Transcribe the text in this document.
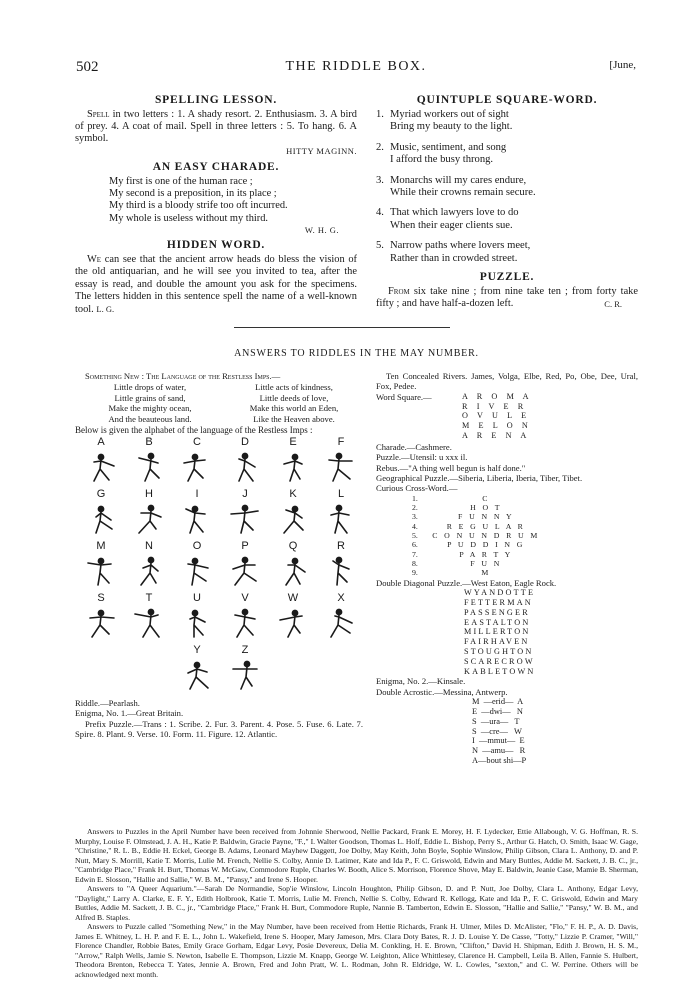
502	THE RIDDLE BOX.	[June,
SPELLING LESSON.
Spell in two letters : 1. A shady resort. 2. Enthusiasm. 3. A bird of prey. 4. A coat of mail. Spell in three letters : 5. To hang. 6. A symbol.
HITTY MAGINN.
AN EASY CHARADE.
My first is one of the human race ;
My second is a preposition, in its place ;
My third is a bloody strife too oft incurred.
My whole is useless without my third.
W. H. G.
HIDDEN WORD.
We can see that the ancient arrow heads do bless the vision of the old antiquarian, and he will see you invited to tea, after the essay is read, and double the amount you ask for the specimens. The letters hidden in this sentence spell the name of a well-known tool. L. G.
QUINTUPLE SQUARE-WORD.
1. Myriad workers out of sight
Bring my beauty to the light.
2. Music, sentiment, and song
I afford the busy throng.
3. Monarchs will my cares endure,
While their crowns remain secure.
4. That which lawyers love to do
When their eager clients sue.
5. Narrow paths where lovers meet,
Rather than in crowded street.
PUZZLE.
From six take nine ; from nine take ten ; from forty take fifty ; and have half-a-dozen left.	C. R.
ANSWERS TO RIDDLES IN THE MAY NUMBER.
Something New : The Language of the Restless Imps.—
Little drops of water,
Little grains of sand,
Make the mighty ocean,
And the beauteous land.
Little acts of kindness,
Little deeds of love,
Make this world an Eden,
Like the Heaven above.
Below is given the alphabet of the language of the Restless Imps :
A	B	C	D	E	F
G	H	I	J	K	L
M	N	O	P	Q	R
S	T	U	V	W	X
Y	Z
Riddle.—Pearlash.
Enigma, No. 1.—Great Britain.
Prefix Puzzle.—Trans : 1. Scribe. 2. Fur. 3. Parent. 4. Pose. 5. Fuse. 6. Late. 7. Spire. 8. Plant. 9. Verse. 10. Form. 11. Figure. 12. Atlantic.
Ten Concealed Rivers. James, Volga, Elbe, Red, Po, Obe, Dee, Ural, Fox, Pedee.
Word Square.—	A R O M A
R I V E R
O V U L E
M E L O N
A R E N A
Charade.—Cashmere.
Puzzle.—Utensil: u xxx il.
Rebus.—"A thing well begun is half done."
Geographical Puzzle.—Siberia, Liberia, Iberia, Tiber, Tibet.
Curious Cross-Word.—
1.	C
2.	H O T
3.	F U N N Y
4.	R E G U L A R
5.	C O N U N D R U M
6.	P U D D I N G
7.	P A R T Y
8.	F U N
9.	M
Double Diagonal Puzzle.—West Eaton, Eagle Rock.
WYANDOTTE
FETTERMAN
PASSENGER
EASTALTON
MILLERTON
FAIRHAVEN
STOUGHTON
SCARECROW
KABLETOWN
Enigma, No. 2.—Kinsale.
Double Acrostic.—Messina, Antwerp.
M  —erid—  A
E  —dwi—   N
S  —ura—   T
S  —cre—   W
I  —mmut—  E
N  —amu—   R
A—bout shi—P
Answers to Puzzles in the April Number have been received from Johnnie Sherwood, Nellie Packard, Frank E. Morey, H. F. Lydecker, Ettie Allabough, V. G. Hoffman, R. S. Murphy, Louise F. Olmstead, J. A. H., Katie P. Baldwin, Gracie Payne, "F.," I. Walter Goodson, Thomas L. Holf, Eddie L. Bishop, Perry S., Arthur G. Hatch, O. Smith, Isaac W. Gage, "Christine," R. L. B., Eddie H. Eckel, George B. Adams, Leonard Mayhew Daggett, Joe Dolby, May Keith, John Boyle, Sophie Winslow, Philip Gibson, Clara L. Anthony, D. and P. Nutt, Mary S. Morrill, Katie T. Morris, Lulie M. French, Nellie S. Colby, Annie D. Latimer, Kate and Ida P., F. C. Griswold, Edwin and Mary Buttles, Addie M. Sackett, J. B. C., jr., "Cambridge Place," Frank H. Burt, Thomas W. McGaw, Commodore Ruple, Charles W. Booth, Alice S. Morrison, Florence Shove, May E. Baldwin, Jeanie Case, Mamie B. Sherman, Edwin E. Slosson, "Hallie and Sallie," W. B. M., "Pansy," and Irene S. Hooper.
Answers to "A Queer Aquarium."—Sarah De Normandie, Sop'ie Winslow, Lincoln Houghton, Philip Gibson, D. and P. Nutt, Joe Dolby, Clara L. Anthony, Edgar Levy, "Daylight," Larry A. Clarke, E. F. Y., Edith Holbrook, Katie T. Morris, Lulie M. French, Nellie S. Colby, Edward R. Kellogg, Kate and Ida P., F. C. Griswold, Edwin and Mary Buttles, Addie M. Sackett, J. B. C., jr., "Cambridge Place," Frank H. Burt, Commodore Ruple, Nannie B. Tamberton, Edwin E. Slosson, "Hallie and Sallie," "Pansy," W. B. M., and Alfred B. Staples.
Answers to Puzzle called "Something New," in the May Number, have been received from Hettie Richards, Frank H. Ulmer, Miles D. McAlister, "Flo," F. H. P., A. D. Davis, James E. Whitney, L. H. P. and F. E. L., John L. Wakefield, Irene S. Hooper, Mary Jameson, Mrs. Clara Doty Bates, R. J. D. Louise Y. De Casse, "Totty," Lizzie P. Cramer, "Will," Florence Chandler, Robbie Bates, Emily Grace Gorham, Edgar Levy, Posie Devereux, Delia M. Conkling, H. E. Brown, "Clifton," David H. Shipman, Edith J. Brown, H. S. M., "Arrow," Ralph Wells, Jamie S. Newton, Isabelle E. Thompson, Lizzie M. Knapp, George W. Leighton, Alice Whittlesey, Clarence H. Campbell, Leila B. Allen, Fannie S. Hulbert, Theodora Brenton, Rebecca T. Yates, Jennie A. Brown, Fred and John Pratt, W. L. Rodman, John R. Eldridge, W. L. Cowles, "sexton," and C. W. Perrine. Others will be acknowledged next month.
